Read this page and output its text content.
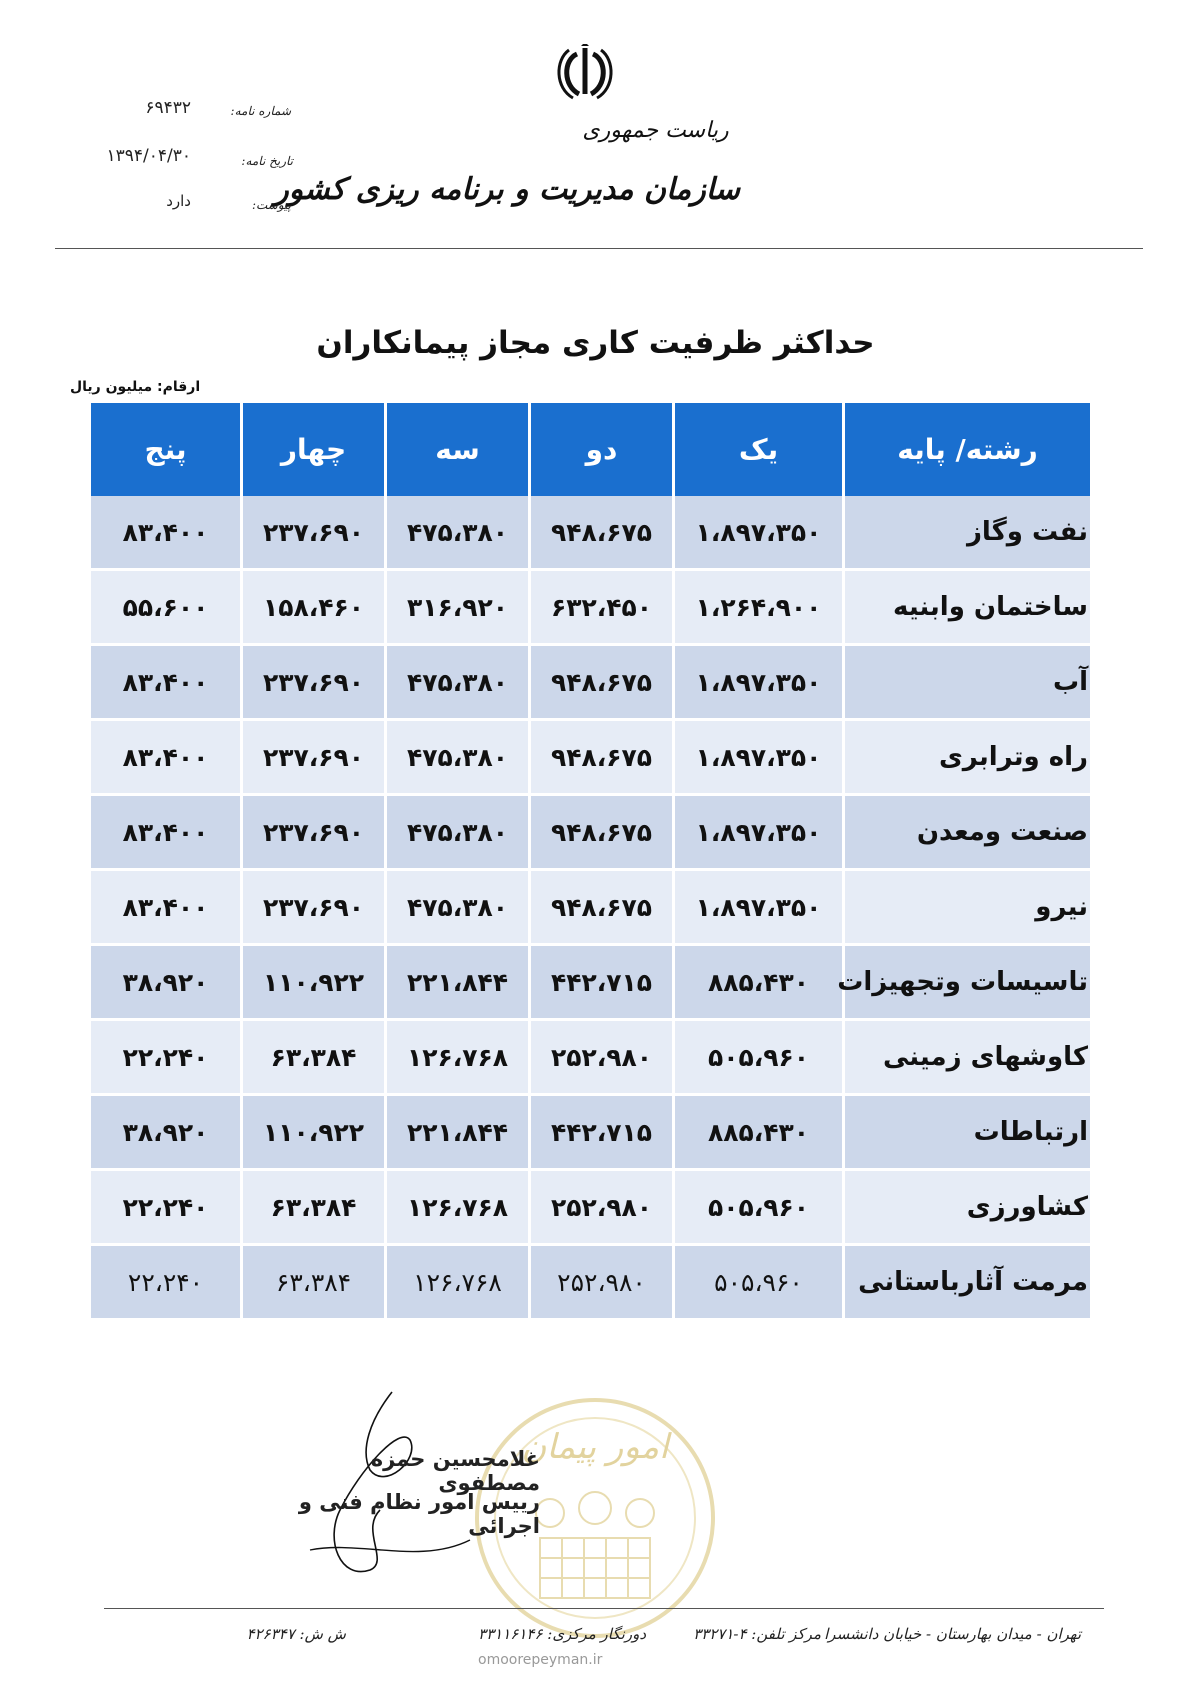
ریاست جمهوری
سازمان مدیریت و برنامه ریزی کشور
شماره نامه:
۶۹۴۳۲
تاریخ نامه:
۱۳۹۴/۰۴/۳۰
پیوست:
دارد
حداکثر ظرفیت کاری مجاز پیمانکاران
ارقام: میلیون ریال
رشته/ پایه	یک	دو	سه	چهار	پنج
نفت وگاز	۱،۸۹۷،۳۵۰	۹۴۸،۶۷۵	۴۷۵،۳۸۰	۲۳۷،۶۹۰	۸۳،۴۰۰
ساختمان وابنیه	۱،۲۶۴،۹۰۰	۶۳۲،۴۵۰	۳۱۶،۹۲۰	۱۵۸،۴۶۰	۵۵،۶۰۰
آب	۱،۸۹۷،۳۵۰	۹۴۸،۶۷۵	۴۷۵،۳۸۰	۲۳۷،۶۹۰	۸۳،۴۰۰
راه وترابری	۱،۸۹۷،۳۵۰	۹۴۸،۶۷۵	۴۷۵،۳۸۰	۲۳۷،۶۹۰	۸۳،۴۰۰
صنعت ومعدن	۱،۸۹۷،۳۵۰	۹۴۸،۶۷۵	۴۷۵،۳۸۰	۲۳۷،۶۹۰	۸۳،۴۰۰
نیرو	۱،۸۹۷،۳۵۰	۹۴۸،۶۷۵	۴۷۵،۳۸۰	۲۳۷،۶۹۰	۸۳،۴۰۰
تاسیسات وتجهیزات	۸۸۵،۴۳۰	۴۴۲،۷۱۵	۲۲۱،۸۴۴	۱۱۰،۹۲۲	۳۸،۹۲۰
کاوشهای زمینی	۵۰۵،۹۶۰	۲۵۲،۹۸۰	۱۲۶،۷۶۸	۶۳،۳۸۴	۲۲،۲۴۰
ارتباطات	۸۸۵،۴۳۰	۴۴۲،۷۱۵	۲۲۱،۸۴۴	۱۱۰،۹۲۲	۳۸،۹۲۰
کشاورزی	۵۰۵،۹۶۰	۲۵۲،۹۸۰	۱۲۶،۷۶۸	۶۳،۳۸۴	۲۲،۲۴۰
مرمت آثارباستانی	۵۰۵،۹۶۰	۲۵۲،۹۸۰	۱۲۶،۷۶۸	۶۳،۳۸۴	۲۲،۲۴۰
امور پیمان
غلامحسین حمزه مصطفوی
رییس امور نظام فنی و اجرائی
تهران - میدان بهارستان - خیابان دانشسرا
مرکز تلفن: ۴-۳۳۲۷۱
دورنگار مرکزی: ۳۳۱۱۶۱۴۶
ش ش: ۴۲۶۳۴۷
omoorepeyman.ir
